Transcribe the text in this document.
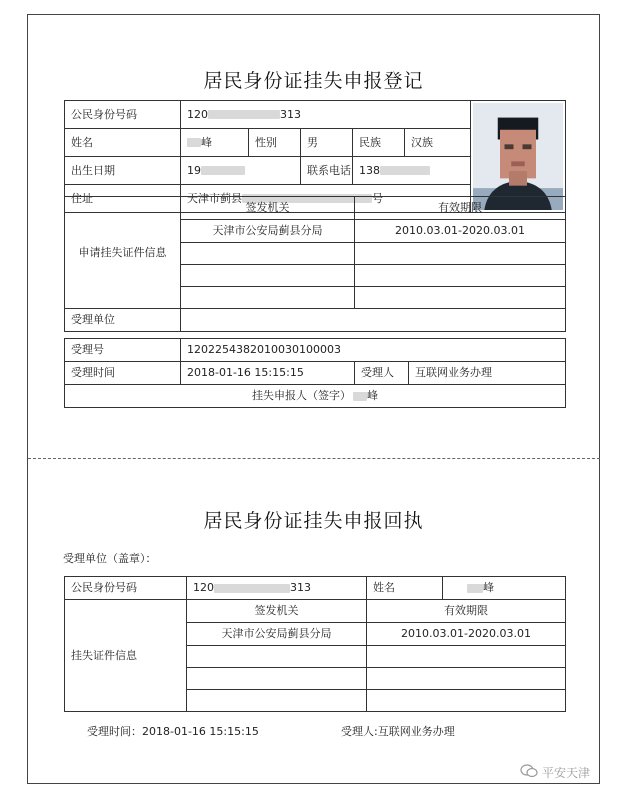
居民身份证挂失申报登记
公民身份号码	120 313	

姓名	峰	性别	男	民族	汉族	
出生日期	19		联系电话	138		
住址	天津市蓟县 号					
申请挂失证件信息	签发机关	有效期限
	天津市公安局蓟县分局	2010.03.01-2020.03.01

受理单位		
受理号	1202254382010030100003		
受理时间	2018-01-16 15:15:15	受理人	互联网业务办理
挂失申报人（签字） 峰			
居民身份证挂失申报回执
受理单位（盖章）：
公民身份号码	120 313	姓名	峰
挂失证件信息	签发机关	有效期限	
	天津市公安局蓟县分局	2010.03.01-2020.03.01	

受理时间：2018-01-16 15:15:15	受理人:互联网业务办理
平安天津
